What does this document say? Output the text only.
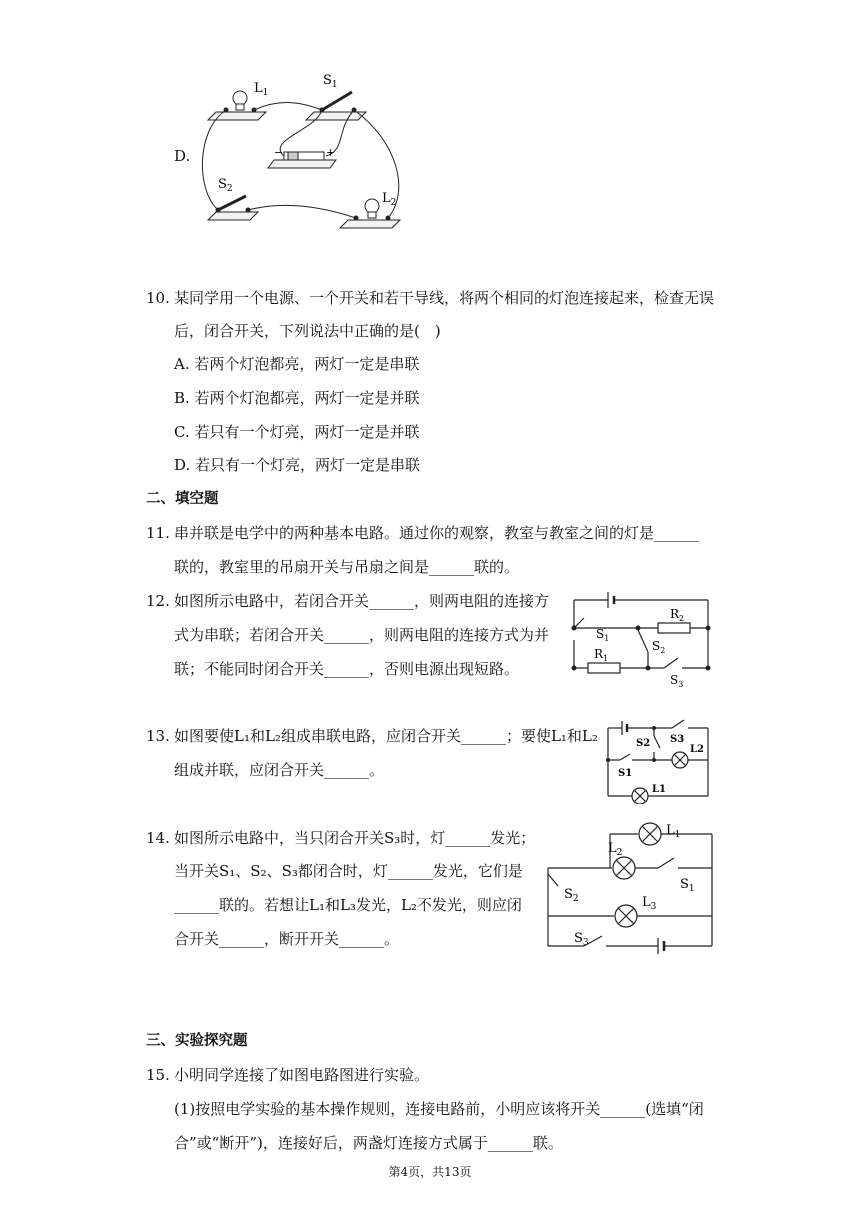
D.
$L_1$
$S_1$
−	+
$S_2$
$L_2$
10. 某同学用一个电源、一个开关和若干导线，将两个相同的灯泡连接起来，检查无误
后，闭合开关，下列说法中正确的是(　)
A. 若两个灯泡都亮，两灯一定是串联
B. 若两个灯泡都亮，两灯一定是并联
C. 若只有一个灯亮，两灯一定是并联
D. 若只有一个灯亮，两灯一定是串联
二、填空题
11. 串并联是电学中的两种基本电路。通过你的观察，教室与教室之间的灯是______
联的，教室里的吊扇开关与吊扇之间是______联的。
12. 如图所示电路中，若闭合开关______，则两电阻的连接方
式为串联；若闭合开关______，则两电阻的连接方式为并
联；不能同时闭合开关______，否则电源出现短路。
$R_2$
$R_1$
$S_1$
$S_2$
$S_3$
13. 如图要使L₁和L₂组成串联电路，应闭合开关______；要使L₁和L₂
组成并联，应闭合开关______。
S2 S3
S1
L2
L1
14. 如图所示电路中，当只闭合开关S₃时，灯______发光；
当开关S₁、S₂、S₃都闭合时，灯______发光，它们是
______联的。若想让L₁和L₃发光，L₂不发光，则应闭
合开关______，断开开关______。
$L_1$
$L_2$
$L_3$
$S_1$
$S_2$
$S_3$
三、实验探究题
15. 小明同学连接了如图电路图进行实验。
(1)按照电学实验的基本操作规则，连接电路前，小明应该将开关______(选填“闭
合”或“断开”)，连接好后，两盏灯连接方式属于______联。
第4页，共13页
